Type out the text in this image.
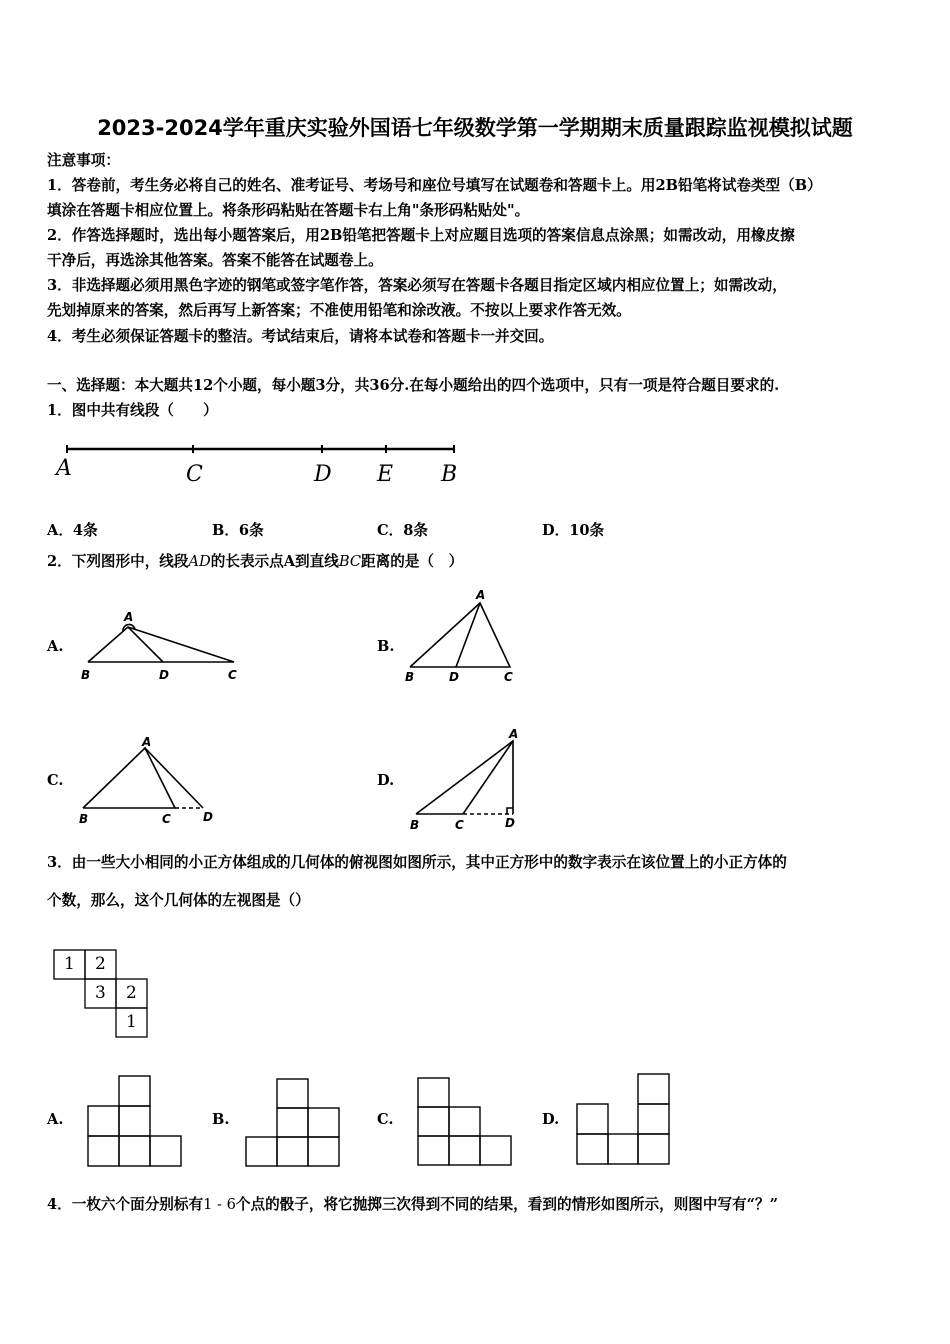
2023-2024学年重庆实验外国语七年级数学第一学期期末质量跟踪监视模拟试题
注意事项：
1．答卷前，考生务必将自己的姓名、准考证号、考场号和座位号填写在试题卷和答题卡上。用2B铅笔将试卷类型（B）
填涂在答题卡相应位置上。将条形码粘贴在答题卡右上角"条形码粘贴处"。
2．作答选择题时，选出每小题答案后，用2B铅笔把答题卡上对应题目选项的答案信息点涂黑；如需改动，用橡皮擦
干净后，再选涂其他答案。答案不能答在试题卷上。
3．非选择题必须用黑色字迹的钢笔或签字笔作答，答案必须写在答题卡各题目指定区域内相应位置上；如需改动，
先划掉原来的答案，然后再写上新答案；不准使用铅笔和涂改液。不按以上要求作答无效。
4．考生必须保证答题卡的整洁。考试结束后，请将本试卷和答题卡一并交回。
一、选择题：本大题共12个小题，每小题3分，共36分.在每小题给出的四个选项中，只有一项是符合题目要求的.
1．图中共有线段（　　）
A	C	D E B
A．4条	B．6条	C．8条	D．10条
2．下列图形中，线段AD的长表示点A到直线BC距离的是（　）
A.	B.
C.	D.
A
B	D	C
A
B	D	C
A
B	C	D
A
B	C	D
3．由一些大小相同的小正方体组成的几何体的俯视图如图所示，其中正方形中的数字表示在该位置上的小正方体的
个数，那么，这个几何体的左视图是（）
1 2
3 2
1
A.	B.	C.	D.
4．一枚六个面分别标有1 - 6个点的骰子，将它抛掷三次得到不同的结果，看到的情形如图所示，则图中写有“？”
